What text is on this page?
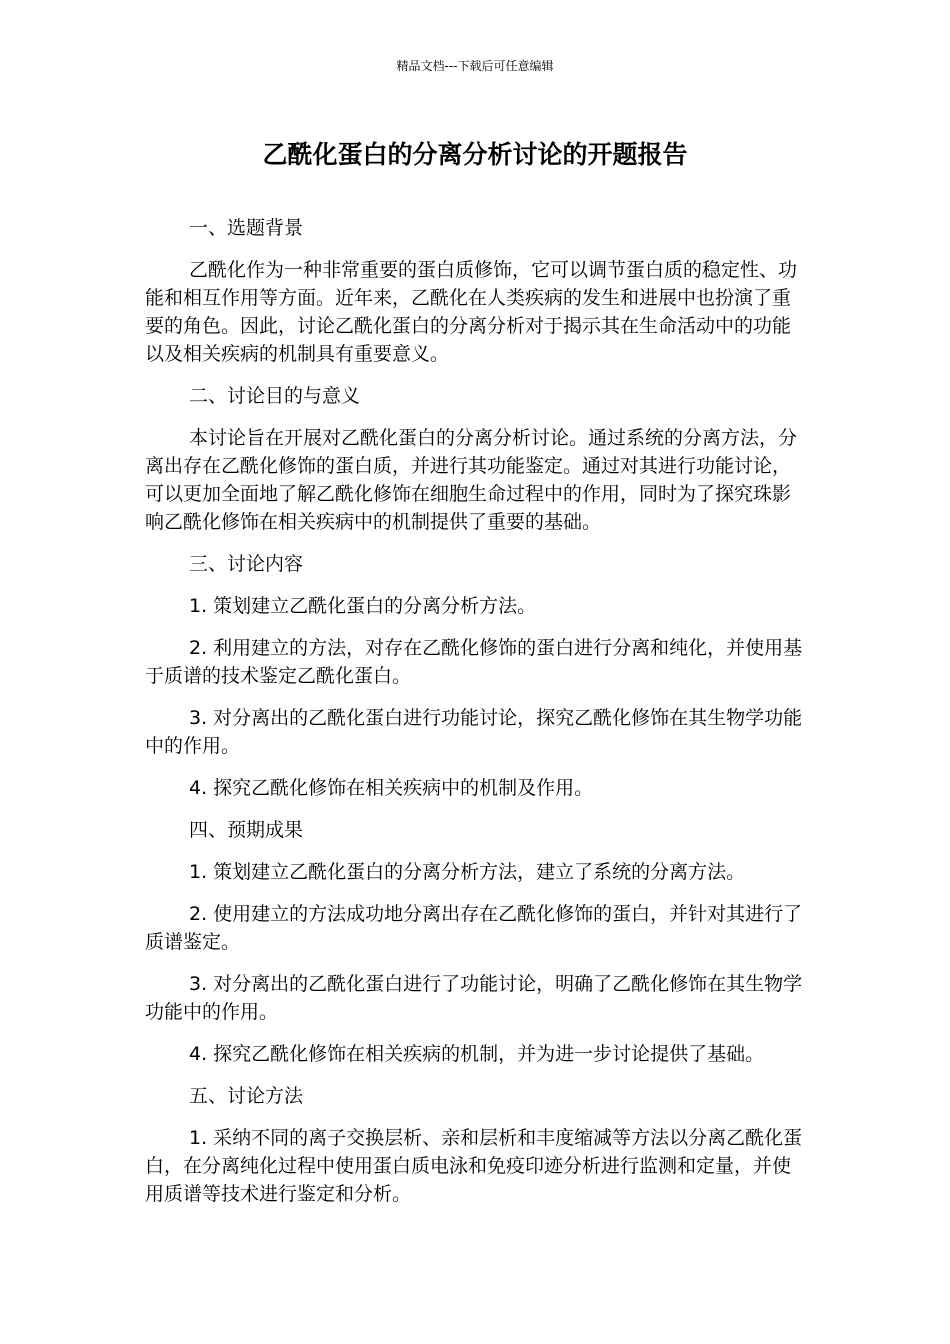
精品文档---下载后可任意编辑
乙酰化蛋白的分离分析讨论的开题报告

一、选题背景

乙酰化作为一种非常重要的蛋白质修饰，它可以调节蛋白质的稳定性、功能和相互作用等方面。近年来，乙酰化在人类疾病的发生和进展中也扮演了重要的角色。因此，讨论乙酰化蛋白的分离分析对于揭示其在生命活动中的功能以及相关疾病的机制具有重要意义。

二、讨论目的与意义

本讨论旨在开展对乙酰化蛋白的分离分析讨论。通过系统的分离方法，分离出存在乙酰化修饰的蛋白质，并进行其功能鉴定。通过对其进行功能讨论，可以更加全面地了解乙酰化修饰在细胞生命过程中的作用，同时为了探究珠影响乙酰化修饰在相关疾病中的机制提供了重要的基础。

三、讨论内容

1. 策划建立乙酰化蛋白的分离分析方法。

2. 利用建立的方法，对存在乙酰化修饰的蛋白进行分离和纯化，并使用基于质谱的技术鉴定乙酰化蛋白。

3. 对分离出的乙酰化蛋白进行功能讨论，探究乙酰化修饰在其生物学功能中的作用。

4. 探究乙酰化修饰在相关疾病中的机制及作用。

四、预期成果

1. 策划建立乙酰化蛋白的分离分析方法，建立了系统的分离方法。

2. 使用建立的方法成功地分离出存在乙酰化修饰的蛋白，并针对其进行了质谱鉴定。

3. 对分离出的乙酰化蛋白进行了功能讨论，明确了乙酰化修饰在其生物学功能中的作用。

4. 探究乙酰化修饰在相关疾病的机制，并为进一步讨论提供了基础。

五、讨论方法

1. 采纳不同的离子交换层析、亲和层析和丰度缩减等方法以分离乙酰化蛋白，在分离纯化过程中使用蛋白质电泳和免疫印迹分析进行监测和定量，并使用质谱等技术进行鉴定和分析。
